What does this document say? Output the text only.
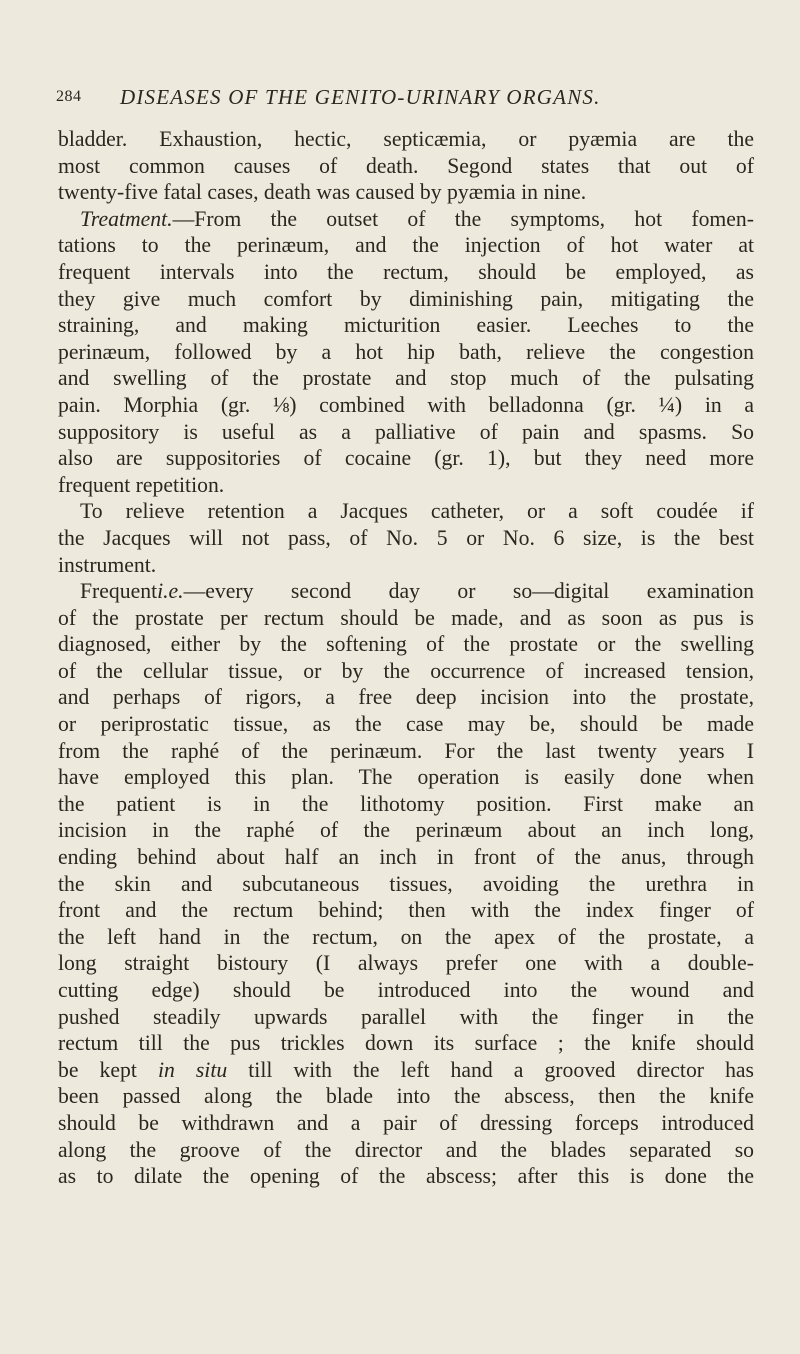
284 DISEASES OF THE GENITO-URINARY ORGANS.
bladder. Exhaustion, hectic, septicæmia, or pyæmia are the
most common causes of death. Segond states that out of
twenty-five fatal cases, death was caused by pyæmia in nine.
Treatment.—From the outset of the symptoms, hot fomen-
tations to the perinæum, and the injection of hot water at
frequent intervals into the rectum, should be employed, as
they give much comfort by diminishing pain, mitigating the
straining, and making micturition easier. Leeches to the
perinæum, followed by a hot hip bath, relieve the congestion
and swelling of the prostate and stop much of the pulsating
pain. Morphia (gr. ⅛) combined with belladonna (gr. ¼) in a
suppository is useful as a palliative of pain and spasms. So
also are suppositories of cocaine (gr. 1), but they need more
frequent repetition.
To relieve retention a Jacques catheter, or a soft coudée if
the Jacques will not pass, of No. 5 or No. 6 size, is the best
instrument.
Frequenti.e.—every second day or so—digital examination
of the prostate per rectum should be made, and as soon as pus is
diagnosed, either by the softening of the prostate or the swelling
of the cellular tissue, or by the occurrence of increased tension,
and perhaps of rigors, a free deep incision into the prostate,
or periprostatic tissue, as the case may be, should be made
from the raphé of the perinæum. For the last twenty years I
have employed this plan. The operation is easily done when
the patient is in the lithotomy position. First make an
incision in the raphé of the perinæum about an inch long,
ending behind about half an inch in front of the anus, through
the skin and subcutaneous tissues, avoiding the urethra in
front and the rectum behind; then with the index finger of
the left hand in the rectum, on the apex of the prostate, a
long straight bistoury (I always prefer one with a double-
cutting edge) should be introduced into the wound and
pushed steadily upwards parallel with the finger in the
rectum till the pus trickles down its surface ; the knife should
be kept in situ till with the left hand a grooved director has
been passed along the blade into the abscess, then the knife
should be withdrawn and a pair of dressing forceps introduced
along the groove of the director and the blades separated so
as to dilate the opening of the abscess; after this is done the
